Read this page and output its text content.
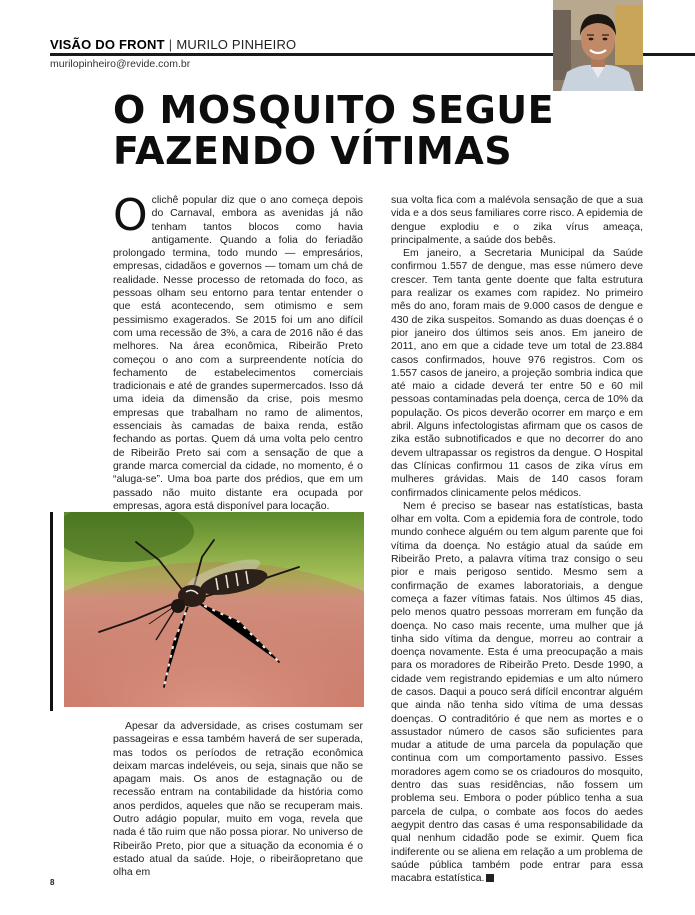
VISÃO DO FRONT | MURILO PINHEIRO
murilopinheiro@revide.com.br
O MOSQUITO SEGUE
FAZENDO VÍTIMAS

Oclichê popular diz que o ano começa depois do Carnaval, embora as avenidas já não tenham tantos blocos como havia antigamente. Quando a folia do feriadão prolongado termina, todo mundo — empresários, empresas, cidadãos e governos — tomam um chá de realidade. Nesse processo de retomada do foco, as pessoas olham seu entorno para tentar entender o que está acontecendo, sem otimismo e sem pessimismo exagerados. Se 2015 foi um ano difícil com uma recessão de 3%, a cara de 2016 não é das melhores. Na área econômica, Ribeirão Preto começou o ano com a surpreendente notícia do fechamento de estabelecimentos comerciais tradicionais e até de grandes supermercados. Isso dá uma ideia da dimensão da crise, pois mesmo empresas que trabalham no ramo de alimentos, essenciais às camadas de baixa renda, estão fechando as portas. Quem dá uma volta pelo centro de Ribeirão Preto sai com a sensação de que a grande marca comercial da cidade, no momento, é o “aluga-se”. Uma boa parte dos prédios, que em um passado não muito distante era ocupada por empresas, agora está disponível para locação.

Apesar da adversidade, as crises costumam ser passageiras e essa também haverá de ser superada, mas todos os períodos de retração econômica deixam marcas indeléveis, ou seja, sinais que não se apagam mais. Os anos de estagnação ou de recessão entram na contabilidade da história como anos perdidos, aqueles que não se recuperam mais. Outro adágio popular, muito em voga, revela que nada é tão ruim que não possa piorar. No universo de Ribeirão Preto, pior que a situação da economia é o estado atual da saúde. Hoje, o ribeirãopretano que olha em

sua volta fica com a malévola sensação de que a sua vida e a dos seus familiares corre risco. A epidemia de dengue explodiu e o zika vírus ameaça, principalmente, a saúde dos bebês.

Em janeiro, a Secretaria Municipal da Saúde confirmou 1.557 de dengue, mas esse número deve crescer. Tem tanta gente doente que falta estrutura para realizar os exames com rapidez. No primeiro mês do ano, foram mais de 9.000 casos de dengue e 430 de zika suspeitos. Somando as duas doenças é o pior janeiro dos últimos seis anos. Em janeiro de 2011, ano em que a cidade teve um total de 23.884 casos confirmados, houve 976 registros. Com os 1.557 casos de janeiro, a projeção sombria indica que até maio a cidade deverá ter entre 50 e 60 mil pessoas contaminadas pela doença, cerca de 10% da população. Os picos deverão ocorrer em março e em abril. Alguns infectologistas afirmam que os casos de zika estão subnotificados e que no decorrer do ano devem ultrapassar os registros da dengue. O Hospital das Clínicas confirmou 11 casos de zika vírus em mulheres grávidas. Mais de 140 casos foram confirmados clinicamente pelos médicos.

Nem é preciso se basear nas estatísticas, basta olhar em volta. Com a epidemia fora de controle, todo mundo conhece alguém ou tem algum parente que foi vítima da doença. No estágio atual da saúde em Ribeirão Preto, a palavra vítima traz consigo o seu pior e mais perigoso sentido. Mesmo sem a confirmação de exames laboratoriais, a dengue começa a fazer vítimas fatais. Nos últimos 45 dias, pelo menos quatro pessoas morreram em função da doença. No caso mais recente, uma mulher que já tinha sido vítima da dengue, morreu ao contrair a doença novamente. Esta é uma preocupação a mais para os moradores de Ribeirão Preto. Desde 1990, a cidade vem registrando epidemias e um alto número de casos. Daqui a pouco será difícil encontrar alguém que ainda não tenha sido vítima de uma dessas doenças. O contraditório é que nem as mortes e o assustador número de casos são suficientes para mudar a atitude de uma parcela da população que continua com um comportamento passivo. Esses moradores agem como se os criadouros do mosquito, dentro das suas residências, não fossem um problema seu. Embora o poder público tenha a sua parcela de culpa, o combate aos focos do aedes aegypit dentro das casas é uma responsabilidade da qual nenhum cidadão pode se eximir. Quem fica indiferente ou se aliena em relação a um problema de saúde pública também pode entrar para essa macabra estatística.

8
